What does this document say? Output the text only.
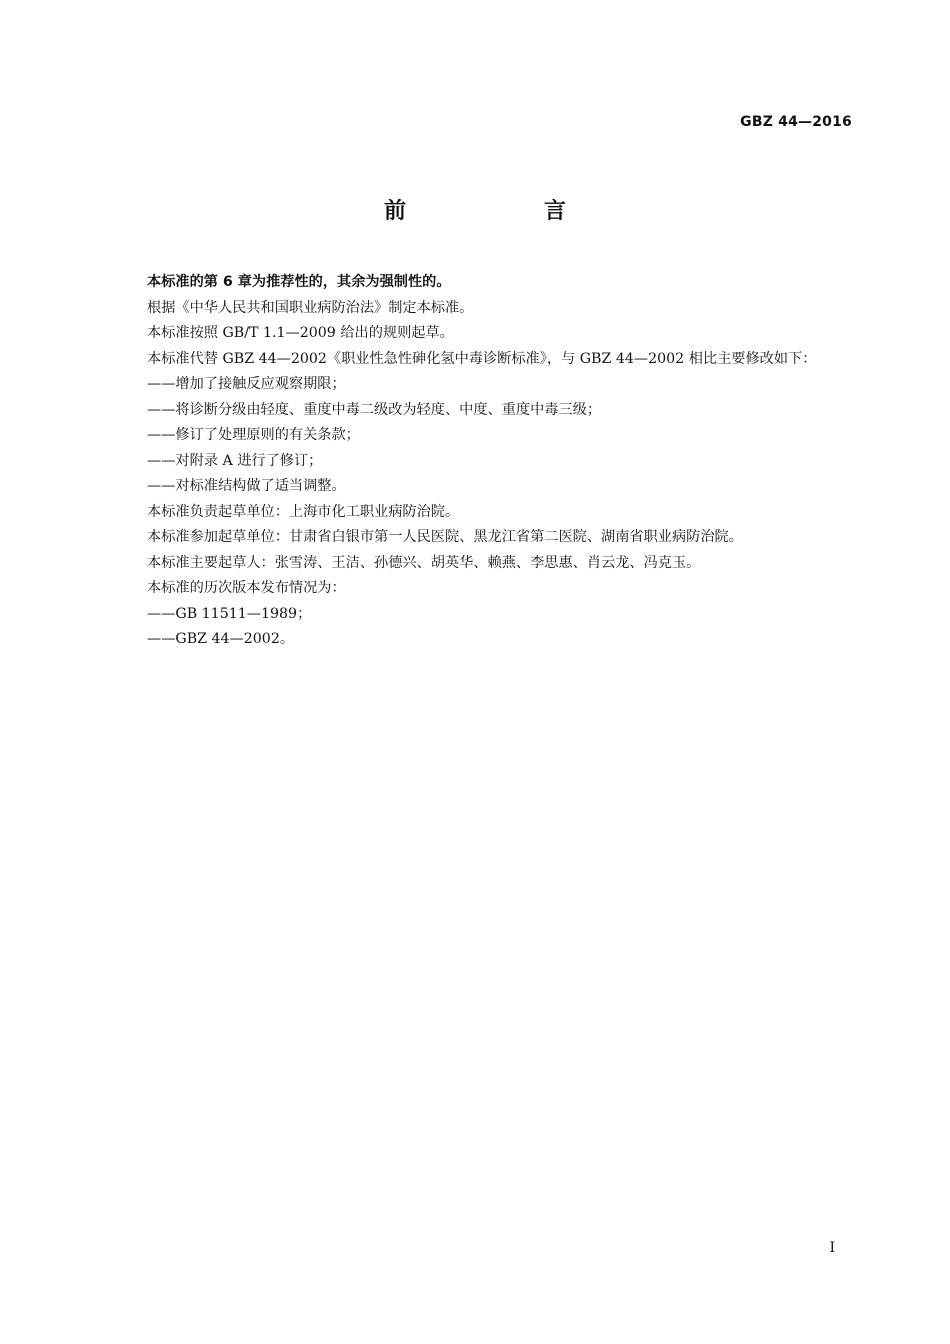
GBZ 44—2016
前　言

本标准的第 6 章为推荐性的，其余为强制性的。

根据《中华人民共和国职业病防治法》制定本标准。

本标准按照 GB/T 1.1—2009 给出的规则起草。

本标准代替 GBZ 44—2002《职业性急性砷化氢中毒诊断标准》，与 GBZ 44—2002 相比主要修改如下：

——增加了接触反应观察期限；

——将诊断分级由轻度、重度中毒二级改为轻度、中度、重度中毒三级；

——修订了处理原则的有关条款；

——对附录 A 进行了修订；

——对标准结构做了适当调整。

本标准负责起草单位：上海市化工职业病防治院。

本标准参加起草单位：甘肃省白银市第一人民医院、黑龙江省第二医院、湖南省职业病防治院。

本标准主要起草人：张雪涛、王洁、孙德兴、胡英华、赖燕、李思惠、肖云龙、冯克玉。

本标准的历次版本发布情况为：

——GB 11511—1989；

——GBZ 44—2002。

I
